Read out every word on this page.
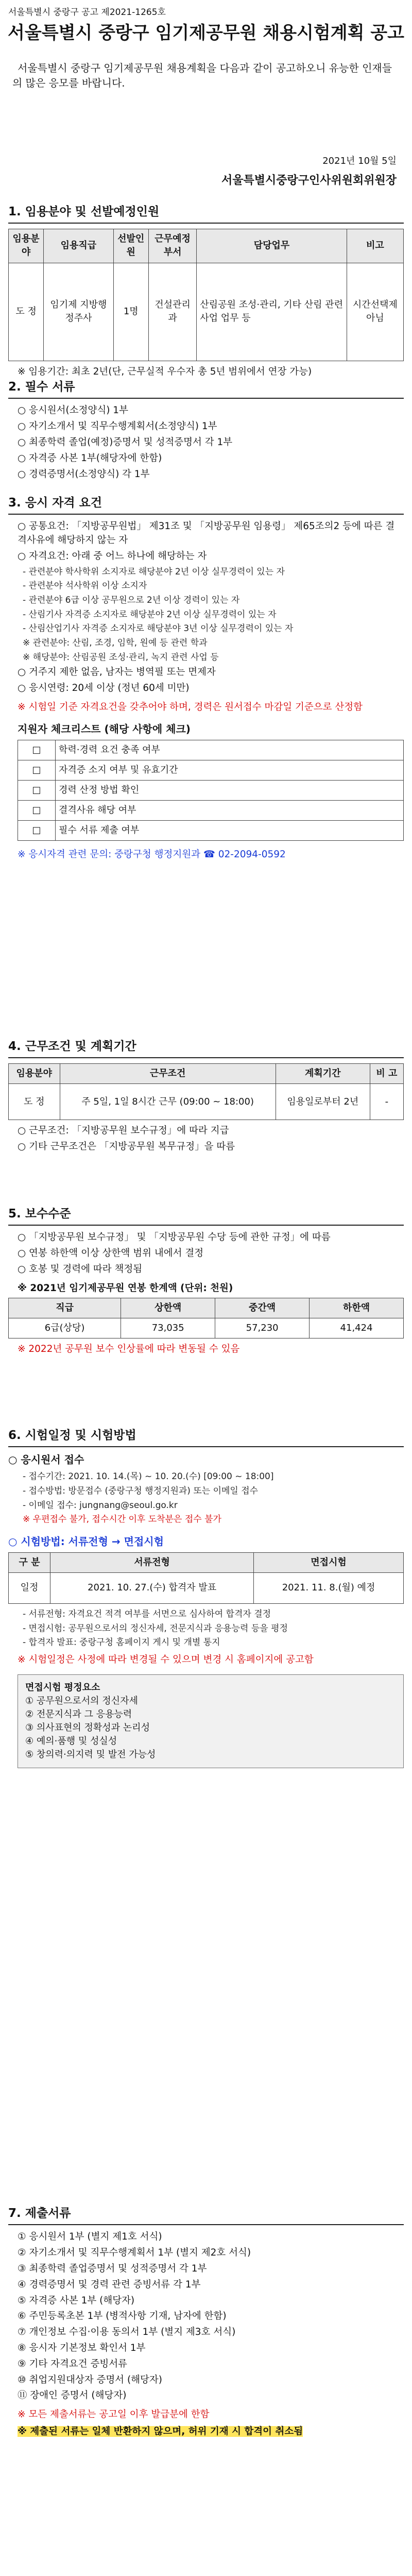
서울특별시 중랑구 공고 제2021-1265호
서울특별시 중랑구 임기제공무원 채용시험계획 공고
서울특별시 중랑구 임기제공무원 채용계획을 다음과 같이 공고하오니 유능한 인재들의 많은 응모를 바랍니다.
2021년 10월 5일
서울특별시중랑구인사위원회위원장
1. 임용분야 및 선발예정인원
임용분야	임용직급	선발인원	근무예정부서	담당업무	비고
도 정	임기제 지방행정주사	1명	건설관리과	산림공원 조성·관리, 기타 산림 관련 사업 업무 등	시간선택제 아님
※ 임용기간: 최초 2년(단, 근무실적 우수자 총 5년 범위에서 연장 가능)
2. 필수 서류
○ 응시원서(소정양식) 1부
○ 자기소개서 및 직무수행계획서(소정양식) 1부
○ 최종학력 졸업(예정)증명서 및 성적증명서 각 1부
○ 자격증 사본 1부(해당자에 한함)
○ 경력증명서(소정양식) 각 1부
3. 응시 자격 요건
○ 공통요건: 「지방공무원법」 제31조 및 「지방공무원 임용령」 제65조의2 등에 따른 결격사유에 해당하지 않는 자
○ 자격요건: 아래 중 어느 하나에 해당하는 자
- 관련분야 학사학위 소지자로 해당분야 2년 이상 실무경력이 있는 자
- 관련분야 석사학위 이상 소지자
- 관련분야 6급 이상 공무원으로 2년 이상 경력이 있는 자
- 산림기사 자격증 소지자로 해당분야 2년 이상 실무경력이 있는 자
- 산림산업기사 자격증 소지자로 해당분야 3년 이상 실무경력이 있는 자
※ 관련분야: 산림, 조경, 임학, 원예 등 관련 학과
※ 해당분야: 산림공원 조성·관리, 녹지 관련 사업 등
○ 거주지 제한 없음, 남자는 병역필 또는 면제자
○ 응시연령: 20세 이상 (정년 60세 미만)
※ 시험일 기준 자격요건을 갖추어야 하며, 경력은 원서접수 마감일 기준으로 산정함
지원자 체크리스트 (해당 사항에 체크)
□	학력·경력 요건 충족 여부
□	자격증 소지 여부 및 유효기간
□	경력 산정 방법 확인
□	결격사유 해당 여부
□	필수 서류 제출 여부
※ 응시자격 관련 문의: 중랑구청 행정지원과 ☎ 02-2094-0592
4. 근무조건 및 계획기간
임용분야	근무조건	계획기간	비 고
도 정	주 5일, 1일 8시간 근무 (09:00 ~ 18:00)	임용일로부터 2년	-
○ 근무조건: 「지방공무원 보수규정」에 따라 지급
○ 기타 근무조건은 「지방공무원 복무규정」을 따름
5. 보수수준
○ 「지방공무원 보수규정」 및 「지방공무원 수당 등에 관한 규정」에 따름
○ 연봉 하한액 이상 상한액 범위 내에서 결정
○ 호봉 및 경력에 따라 책정됨
※ 2021년 임기제공무원 연봉 한계액 (단위: 천원)
직급	상한액	중간액	하한액
6급(상당)	73,035	57,230	41,424
※ 2022년 공무원 보수 인상률에 따라 변동될 수 있음
6. 시험일정 및 시험방법
○ 응시원서 접수
- 접수기간: 2021. 10. 14.(목) ~ 10. 20.(수) [09:00 ~ 18:00]
- 접수방법: 방문접수 (중랑구청 행정지원과) 또는 이메일 접수
- 이메일 접수: jungnang@seoul.go.kr
※ 우편접수 불가, 접수시간 이후 도착분은 접수 불가
○ 시험방법: 서류전형 → 면접시험
구 분	서류전형	면접시험
일정	2021. 10. 27.(수) 합격자 발표	2021. 11. 8.(월) 예정
- 서류전형: 자격요건 적격 여부를 서면으로 심사하여 합격자 결정
- 면접시험: 공무원으로서의 정신자세, 전문지식과 응용능력 등을 평정
- 합격자 발표: 중랑구청 홈페이지 게시 및 개별 통지
※ 시험일정은 사정에 따라 변경될 수 있으며 변경 시 홈페이지에 공고함
면접시험 평정요소
① 공무원으로서의 정신자세
② 전문지식과 그 응용능력
③ 의사표현의 정확성과 논리성
④ 예의·품행 및 성실성
⑤ 창의력·의지력 및 발전 가능성
7. 제출서류
① 응시원서 1부 (별지 제1호 서식)
② 자기소개서 및 직무수행계획서 1부 (별지 제2호 서식)
③ 최종학력 졸업증명서 및 성적증명서 각 1부
④ 경력증명서 및 경력 관련 증빙서류 각 1부
⑤ 자격증 사본 1부 (해당자)
⑥ 주민등록초본 1부 (병적사항 기재, 남자에 한함)
⑦ 개인정보 수집·이용 동의서 1부 (별지 제3호 서식)
⑧ 응시자 기본정보 확인서 1부
⑨ 기타 자격요건 증빙서류
⑩ 취업지원대상자 증명서 (해당자)
⑪ 장애인 증명서 (해당자)
※ 모든 제출서류는 공고일 이후 발급분에 한함
※ 제출된 서류는 일체 반환하지 않으며, 허위 기재 시 합격이 취소됨
